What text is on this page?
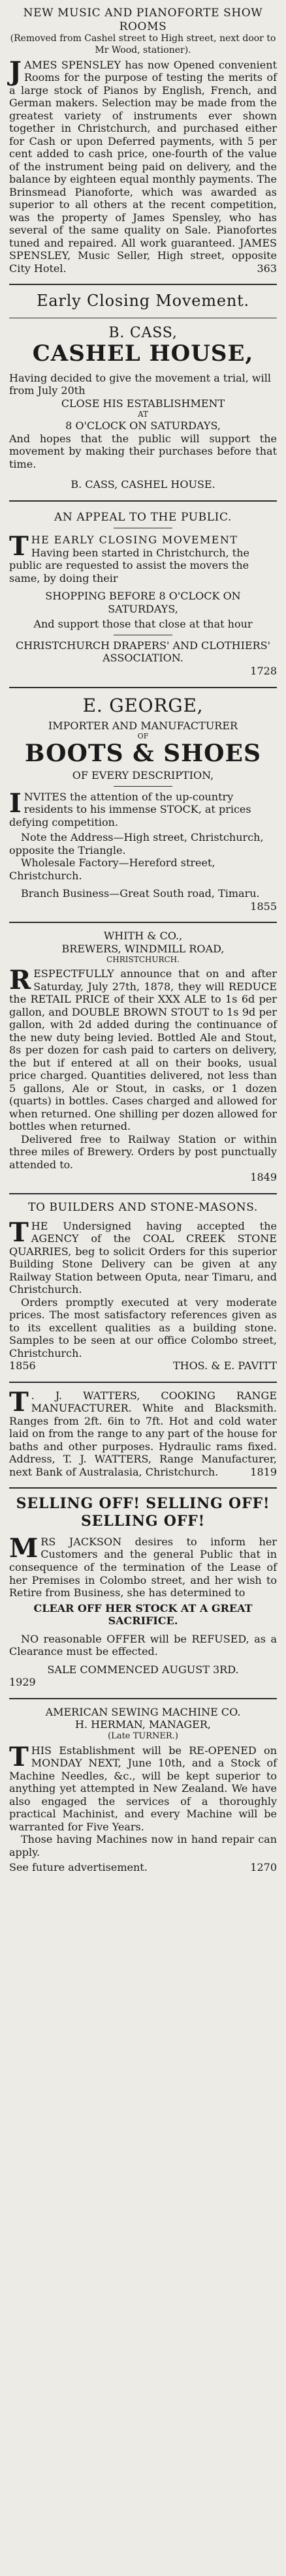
NEW MUSIC AND PIANOFORTE SHOW ROOMS

(Removed from Cashel street to High street, next door to Mr Wood, stationer).

JAMES SPENSLEY has now Opened convenient Rooms for the purpose of testing the merits of a large stock of Pianos by English, French, and German makers. Selection may be made from the greatest variety of instruments ever shown together in Christchurch, and purchased either for Cash or upon Deferred payments, with 5 per cent added to cash price, one-fourth of the value of the instrument being paid on delivery, and the balance by eighteen equal monthly payments. The Brinsmead Pianoforte, which was awarded as superior to all others at the recent competition, was the property of James Spensley, who has several of the same quality on Sale. Pianofortes tuned and repaired. All work guaranteed. JAMES SPENSLEY, Music Seller, High street, opposite City Hotel.	363

Early Closing Movement.

B. CASS,

CASHEL HOUSE,

Having decided to give the movement a trial, will from July 20th

CLOSE HIS ESTABLISHMENT

AT

8 O'CLOCK ON SATURDAYS,

And hopes that the public will support the movement by making their purchases before that time.

B. CASS, CASHEL HOUSE.

AN APPEAL TO THE PUBLIC.

THE EARLY CLOSING MOVEMENT Having been started in Christchurch, the public are requested to assist the movers the same, by doing their

SHOPPING BEFORE 8 O'CLOCK ON SATURDAYS,

And support those that close at that hour

CHRISTCHURCH DRAPERS' AND CLOTHIERS' ASSOCIATION.

1728

E. GEORGE,

IMPORTER AND MANUFACTURER

OF

BOOTS & SHOES

OF EVERY DESCRIPTION,

INVITES the attention of the up-country residents to his immense STOCK, at prices defying competition.

Note the Address—High street, Christchurch, opposite the Triangle.

Wholesale Factory—Hereford street, Christchurch.

Branch Business—Great South road, Timaru.

1855

WHITH & CO.,

BREWERS, WINDMILL ROAD,

CHRISTCHURCH.

RESPECTFULLY announce that on and after Saturday, July 27th, 1878, they will REDUCE the RETAIL PRICE of their XXX ALE to 1s 6d per gallon, and DOUBLE BROWN STOUT to 1s 9d per gallon, with 2d added during the continuance of the new duty being levied. Bottled Ale and Stout, 8s per dozen for cash paid to carters on delivery, the but if entered at all on their books, usual price charged. Quantities delivered, not less than 5 gallons, Ale or Stout, in casks, or 1 dozen (quarts) in bottles. Cases charged and allowed for when returned. One shilling per dozen allowed for bottles when returned.

Delivered free to Railway Station or within three miles of Brewery. Orders by post punctually attended to.

1849

TO BUILDERS AND STONE-MASONS.

THE Undersigned having accepted the AGENCY of the COAL CREEK STONE QUARRIES, beg to solicit Orders for this superior Building Stone Delivery can be given at any Railway Station between Oputa, near Timaru, and Christchurch.

Orders promptly executed at very moderate prices. The most satisfactory references given as to its excellent qualities as a building stone. Samples to be seen at our office Colombo street, Christchurch.

1856	THOS. & E. PAVITT

T . J. WATTERS, COOKING RANGE MANUFACTURER. White and Blacksmith. Ranges from 2ft. 6in to 7ft. Hot and cold water laid on from the range to any part of the house for baths and other purposes. Hydraulic rams fixed. Address, T. J. WATTERS, Range Manufacturer, next Bank of Australasia, Christchurch.	1819

SELLING OFF! SELLING OFF! SELLING OFF!

MRS JACKSON desires to inform her Customers and the general Public that in consequence of the termination of the Lease of her Premises in Colombo street, and her wish to Retire from Business, she has determined to

CLEAR OFF HER STOCK AT A GREAT SACRIFICE.

NO reasonable OFFER will be REFUSED, as a Clearance must be effected.

SALE COMMENCED AUGUST 3RD.

1929

AMERICAN SEWING MACHINE CO.

H. HERMAN, MANAGER,

(Late TURNER.)

THIS Establishment will be RE-OPENED on MONDAY NEXT, June 10th, and a Stock of Machine Needles, &c., will be kept superior to anything yet attempted in New Zealand. We have also engaged the services of a thoroughly practical Machinist, and every Machine will be warranted for Five Years.

Those having Machines now in hand repair can apply.

See future advertisement.	1270
